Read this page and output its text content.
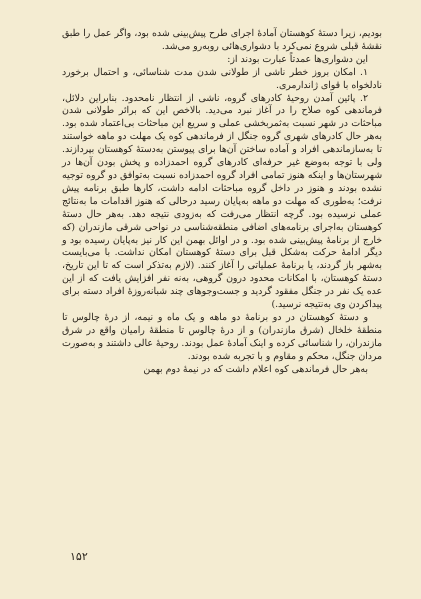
بودیم، زیرا دستهٔ کوهستان آمادهٔ اجرای طرح پیش‌بینی شده بود، واگر عمل را طبق نقشهٔ قبلی شروع نمی‌کرد با دشواری‌هائی روبه‌رو می‌شد.

این دشواری‌ها عمدتاً عبارت بودند از:

۱. امکان بروز خطر ناشی از طولانی شدن مدت شناسائی، و احتمال برخورد نادلخواه با قوای ژاندارمری.

۲. پائین آمدن روحیهٔ کادرهای گروه، ناشی از انتظار نامحدود. بنابراین دلائل، فرماندهی کوه صلاح را در آغاز نبرد می‌دید. بالاخص این که برائر طولانی شدن مباحثات در شهر نسبت به‌ثمربخشی عملی و سریع این مباحثات بی‌اعتماد شده بود. به‌هر حال کادرهای شهری گروه جنگل از فرماندهی کوه یک مهلت دو ماهه خواستند تا به‌سازماندهی افراد و آماده ساختن آن‌ها برای پیوستن به‌دستهٔ کوهستان بپردازند. ولی با توجه به‌وضع غیر حرفه‌ای کادرهای گروه احمدزاده و پخش بودن آن‌ها در شهرستان‌ها و اینکه هنوز تمامی افراد گروه احمدزاده نسبت به‌توافق دو گروه توجیه نشده بودند و هنوز در داخل گروه مباحثات ادامه داشت، کارها طبق برنامه پیش نرفت؛ به‌طوری که مهلت دو ماهه به‌پایان رسید درحالی که هنوز اقدامات ما به‌نتائج عملی نرسیده بود. گرچه انتظار می‌رفت که به‌زودی نتیجه دهد. به‌هر حال دستهٔ کوهستان به‌اجرای برنامه‌های اضافی منطقه‌شناسی در نواحی شرقی مازندران (که خارج از برنامهٔ پیش‌بینی شده بود. و در اوائل بهمن این کار نیز به‌پایان رسیده بود و دیگر ادامهٔ حرکت به‌شکل قبل برای دستهٔ کوهستان امکان نداشت. با می‌بایست به‌شهر باز گردند، یا برنامهٔ عملیاتی را آغاز کنند. (لازم به‌تذکر است که تا این تاریخ، دستهٔ کوهستان، با امکانات محدود درون گروهی، به‌نه نفر افزایش یافت که از این عده یک نفر در جنگل مفقود گردید و جست‌وجوهای چند شبانه‌روزهٔ افراد دسته برای پیداکردن وی به‌نتیجه نرسید.)

و دستهٔ کوهستان در دو برنامهٔ دو ماهه و یک ماه و نیمه، از درهٔ چالوس تا منطقهٔ خلخال (شرق مازندران) و از درهٔ چالوس تا منطقهٔ رامیان واقع در شرق مازندران، را شناسائی کرده و اینک آمادهٔ عمل بودند. روحیهٔ عالی داشتند و به‌صورت مردان جنگل، محکم و مقاوم و با تجربه شده بودند.

به‌هر حال فرماندهی کوه اعلام داشت که در نیمهٔ دوم بهمن

۱۵۲
